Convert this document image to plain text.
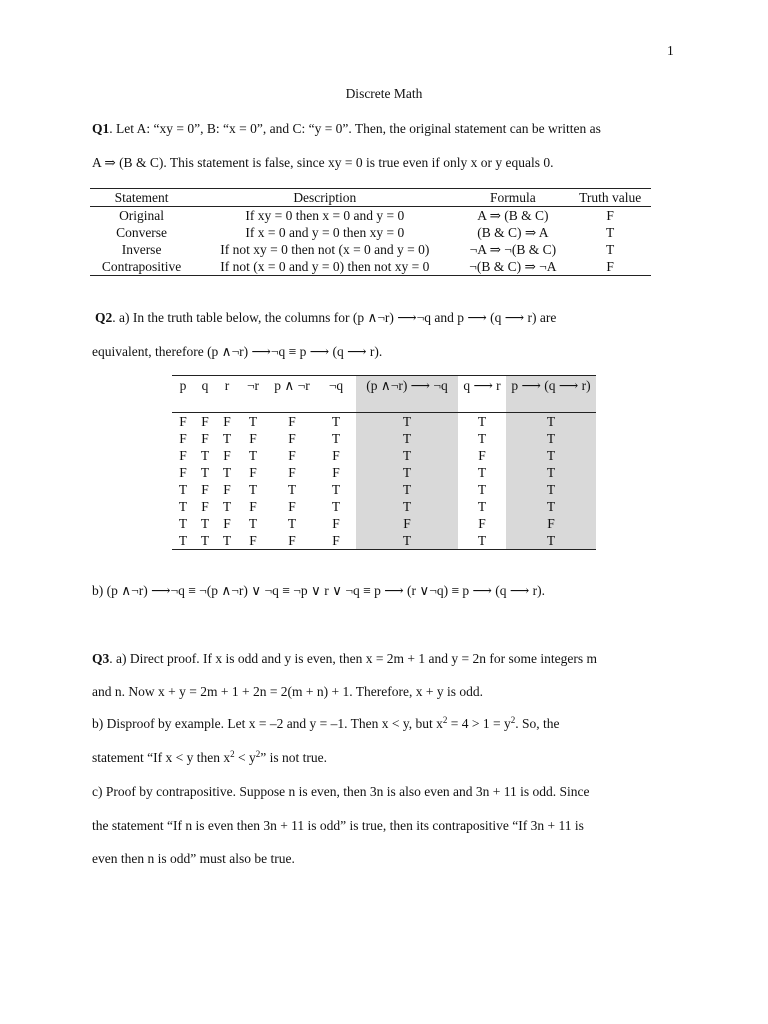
1
Discrete Math
Q1. Let A: “xy = 0”, B: “x = 0”, and C: “y = 0”. Then, the original statement can be written as
A ⇒ (B & C). This statement is false, since xy = 0 is true even if only x or y equals 0.
Statement	Description	Formula	Truth value
Original	If xy = 0 then x = 0 and y = 0	A ⇒ (B & C)	F
Converse	If x = 0 and y = 0 then xy = 0	(B & C) ⇒ A	T
Inverse	If not xy = 0 then not (x = 0 and y = 0)	¬A ⇒ ¬(B & C)	T
Contrapositive	If not (x = 0 and y = 0) then not xy = 0	¬(B & C) ⇒ ¬A	F
Q2. a) In the truth table below, the columns for (p ∧¬r) ⟶¬q and p ⟶ (q ⟶ r) are
equivalent, therefore (p ∧¬r) ⟶¬q ≡ p ⟶ (q ⟶ r).
p	q	r	¬r	p ∧ ¬r	¬q	(p ∧¬r) ⟶ ¬q	q ⟶ r	p ⟶ (q ⟶ r)
F	F	F	T	F	T	T	T	T
F	F	T	F	F	T	T	T	T
F	T	F	T	F	F	T	F	T
F	T	T	F	F	F	T	T	T
T	F	F	T	T	T	T	T	T
T	F	T	F	F	T	T	T	T
T	T	F	T	T	F	F	F	F
T	T	T	F	F	F	T	T	T
b) (p ∧¬r) ⟶¬q ≡ ¬(p ∧¬r) ∨ ¬q ≡ ¬p ∨ r ∨ ¬q ≡ p ⟶ (r ∨¬q) ≡ p ⟶ (q ⟶ r).
Q3. a) Direct proof. If x is odd and y is even, then x = 2m + 1 and y = 2n for some integers m
and n. Now x + y = 2m + 1 + 2n = 2(m + n) + 1. Therefore, x + y is odd.
b) Disproof by example. Let x = –2 and y = –1. Then x < y, but $x^2 = 4 > 1 = y^2$. So, the
statement “If x < y then $x^2 < y^2$” is not true.
c) Proof by contrapositive. Suppose n is even, then 3n is also even and 3n + 11 is odd. Since
the statement “If n is even then 3n + 11 is odd” is true, then its contrapositive “If 3n + 11 is
even then n is odd” must also be true.
